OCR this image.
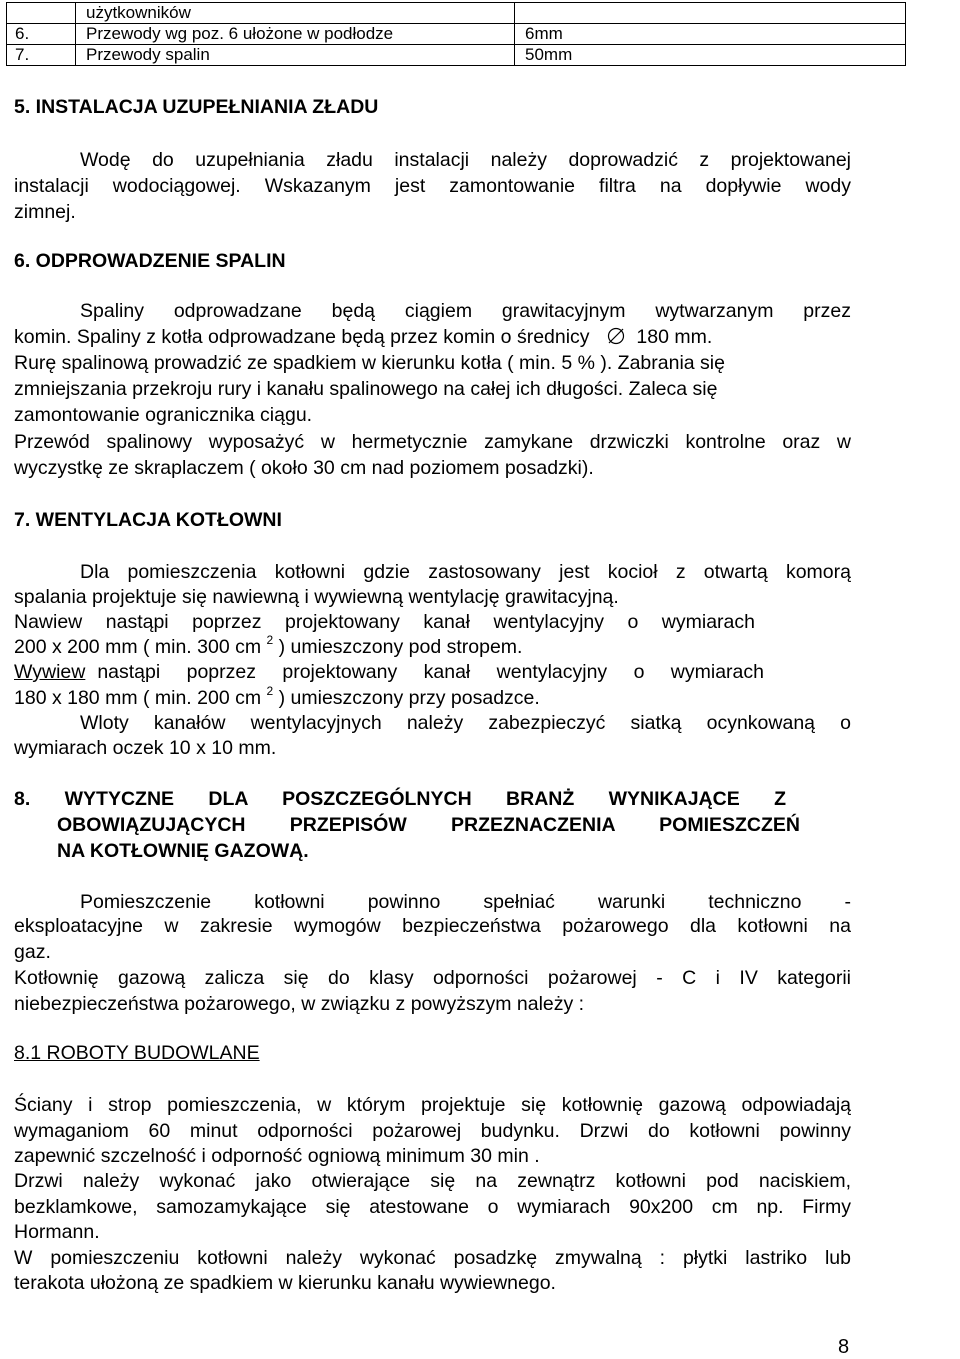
	użytkowników	
6.	Przewody wg poz. 6 ułożone w podłodze	6mm
7.	Przewody spalin	50mm
5. INSTALACJA UZUPEŁNIANIA ZŁADU
Wodę do uzupełniania zładu instalacji należy doprowadzić z projektowanej
instalacji wodociągowej. Wskazanym jest zamontowanie filtra na dopływie wody
zimnej.
6. ODPROWADZENIE SPALIN
Spaliny odprowadzane będą ciągiem grawitacyjnym wytwarzanym przez
komin. Spaliny z kotła odprowadzane będą przez komin o średnicy 180 mm.
Rurę spalinową prowadzić ze spadkiem w kierunku kotła ( min. 5 % ). Zabrania się
zmniejszania przekroju rury i kanału spalinowego na całej ich długości. Zaleca się
zamontowanie ogranicznika ciągu.
Przewód spalinowy wyposażyć w hermetycznie zamykane drzwiczki kontrolne oraz w
wyczystkę ze skraplaczem ( około 30 cm nad poziomem posadzki).
7. WENTYLACJA KOTŁOWNI
Dla pomieszczenia kotłowni gdzie zastosowany jest kocioł z otwartą komorą
spalania projektuje się nawiewną i wywiewną wentylację grawitacyjną.
Nawiew nastąpi poprzez projektowany kanał wentylacyjny o wymiarach
200 x 200 mm ( min. 300 cm $^2$ ) umieszczony pod stropem.
Wywiew nastąpi poprzez projektowany kanał wentylacyjny o wymiarach
180 x 180 mm ( min. 200 cm $^2$ ) umieszczony przy posadzce.
Wloty kanałów wentylacyjnych należy zabezpieczyć siatką ocynkowaną o
wymiarach oczek 10 x 10 mm.
8. WYTYCZNE DLA POSZCZEGÓLNYCH BRANŻ WYNIKAJĄCE Z
OBOWIĄZUJĄCYCH PRZEPISÓW PRZEZNACZENIA POMIESZCZEŃ
NA KOTŁOWNIĘ GAZOWĄ.
Pomieszczenie kotłowni powinno spełniać warunki techniczno -
eksploatacyjne w zakresie wymogów bezpieczeństwa pożarowego dla kotłowni na
gaz.
Kotłownię gazową zalicza się do klasy odporności pożarowej - C i IV kategorii
niebezpieczeństwa pożarowego, w związku z powyższym należy :
8.1 ROBOTY BUDOWLANE
Ściany i strop pomieszczenia, w którym projektuje się kotłownię gazową odpowiadają
wymaganiom 60 minut odporności pożarowej budynku. Drzwi do kotłowni powinny
zapewnić szczelność i odporność ogniową minimum 30 min .
Drzwi należy wykonać jako otwierające się na zewnątrz kotłowni pod naciskiem,
bezklamkowe, samozamykające się atestowane o wymiarach 90x200 cm np. Firmy
Hormann.
W pomieszczeniu kotłowni należy wykonać posadzkę zmywalną : płytki lastriko lub
terakota ułożoną ze spadkiem w kierunku kanału wywiewnego.
8
